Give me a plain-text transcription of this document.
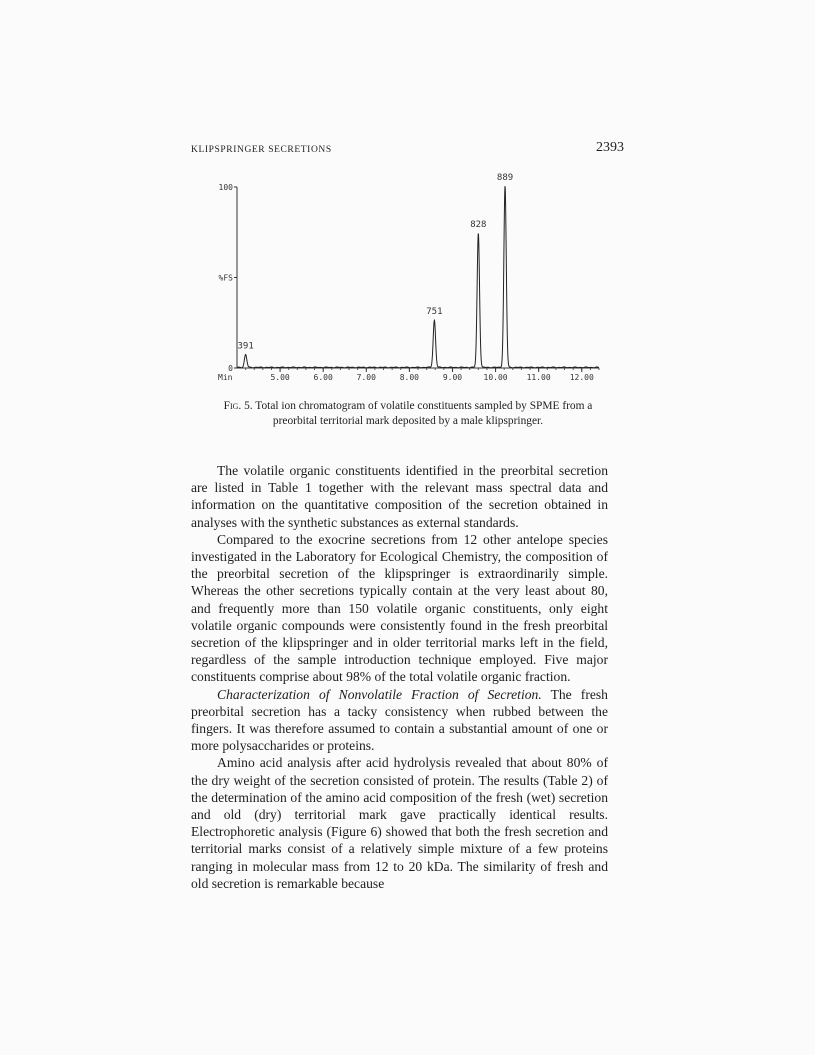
KLIPSPRINGER SECRETIONS	2393
100
%FS
0
Min	5.00	6.00	7.00	8.00	9.00	10.00 11.00 12.00
391
751
828
889
Fig. 5. Total ion chromatogram of volatile constituents sampled by SPME from a preorbital territorial mark deposited by a male klipspringer.

The volatile organic constituents identified in the preorbital secretion are listed in Table 1 together with the relevant mass spectral data and information on the quantitative composition of the secretion obtained in analyses with the synthetic substances as external standards.

Compared to the exocrine secretions from 12 other antelope species investigated in the Laboratory for Ecological Chemistry, the composition of the preorbital secretion of the klipspringer is extraordinarily simple. Whereas the other secretions typically contain at the very least about 80, and frequently more than 150 volatile organic constituents, only eight volatile organic compounds were consistently found in the fresh preorbital secretion of the klipspringer and in older territorial marks left in the field, regardless of the sample introduction technique employed. Five major constituents comprise about 98% of the total volatile organic fraction.

Characterization of Nonvolatile Fraction of Secretion. The fresh preorbital secretion has a tacky consistency when rubbed between the fingers. It was therefore assumed to contain a substantial amount of one or more polysaccharides or proteins.

Amino acid analysis after acid hydrolysis revealed that about 80% of the dry weight of the secretion consisted of protein. The results (Table 2) of the determination of the amino acid composition of the fresh (wet) secretion and old (dry) territorial mark gave practically identical results. Electrophoretic analysis (Figure 6) showed that both the fresh secretion and territorial marks consist of a relatively simple mixture of a few proteins ranging in molecular mass from 12 to 20 kDa. The similarity of fresh and old secretion is remarkable because
